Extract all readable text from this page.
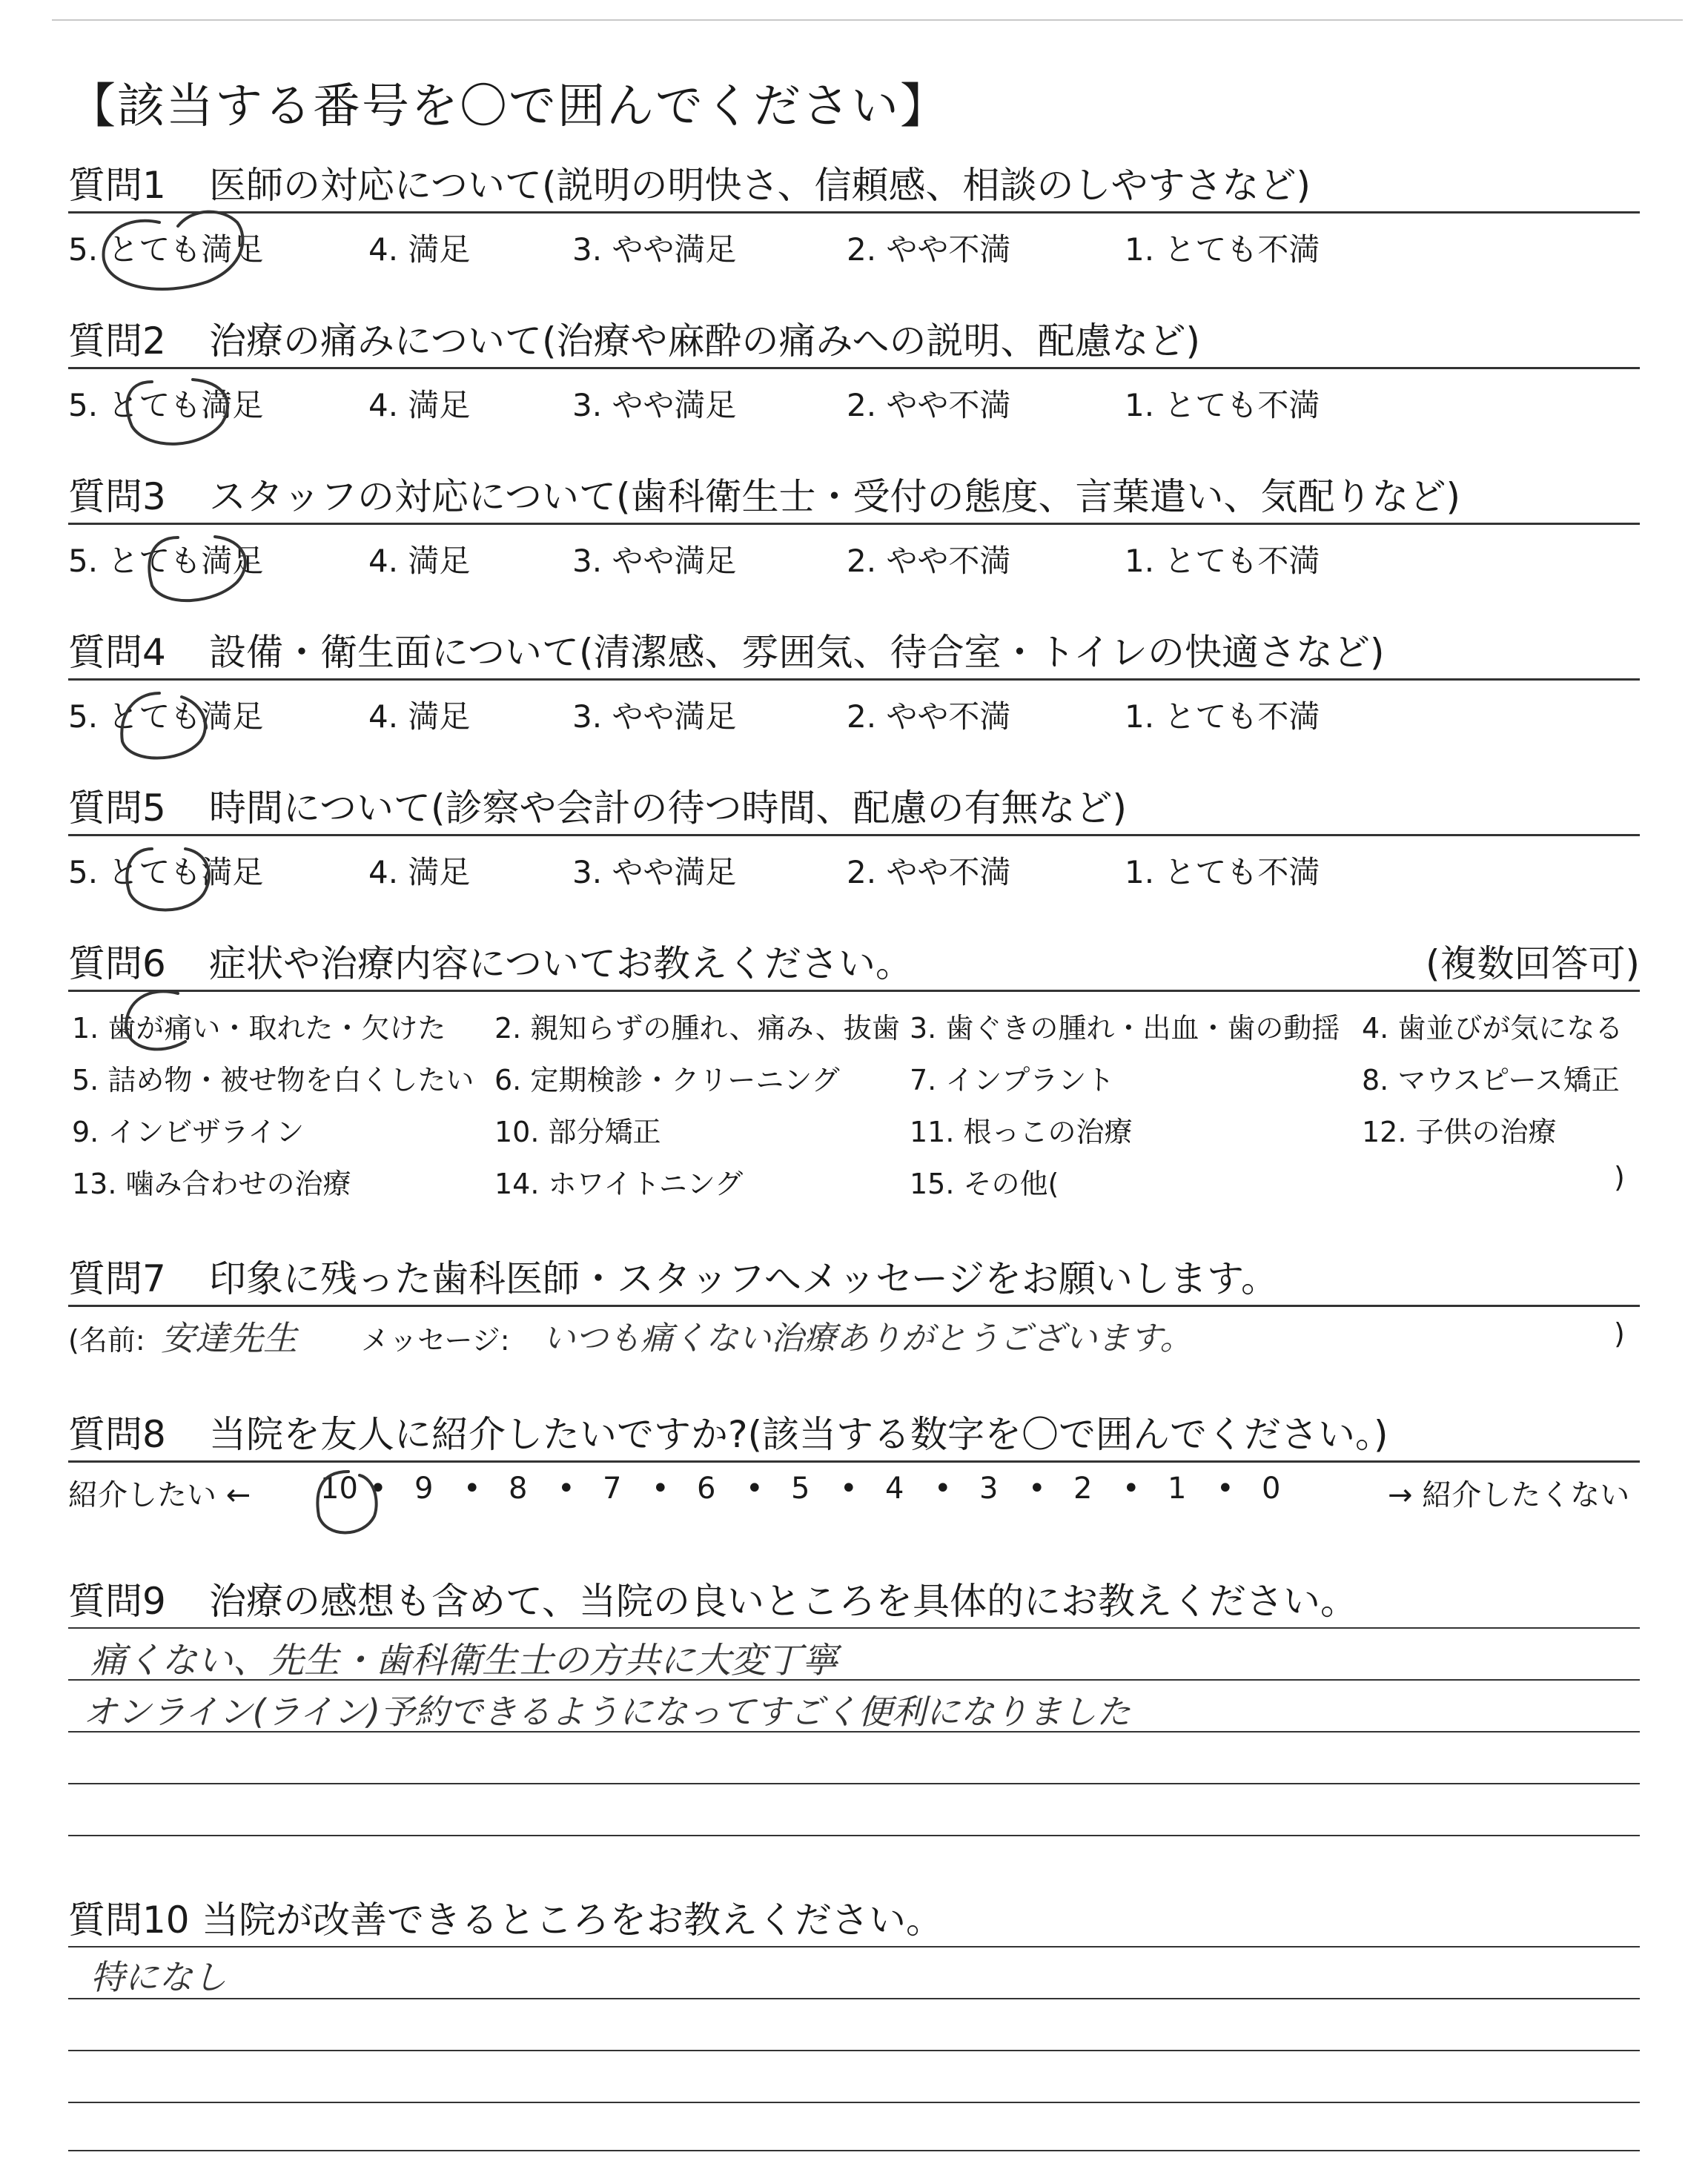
【該当する番号を〇で囲んでください】
質問1 医師の対応について(説明の明快さ、信頼感、相談のしやすさなど)
5. とても満足	4. 満足	3. やや満足	2. やや不満	1. とても不満
質問2 治療の痛みについて(治療や麻酔の痛みへの説明、配慮など)
5. とても満足	4. 満足	3. やや満足	2. やや不満	1. とても不満
質問3 スタッフの対応について(歯科衛生士・受付の態度、言葉遣い、気配りなど)
5. とても満足	4. 満足	3. やや満足	2. やや不満	1. とても不満
質問4 設備・衛生面について(清潔感、雰囲気、待合室・トイレの快適さなど)
5. とても満足	4. 満足	3. やや満足	2. やや不満	1. とても不満
質問5 時間について(診察や会計の待つ時間、配慮の有無など)
5. とても満足	4. 満足	3. やや満足	2. やや不満	1. とても不満
質問6 症状や治療内容についてお教えください。	(複数回答可)
1. 歯が痛い・取れた・欠けた 2. 親知らずの腫れ、痛み、抜歯 3. 歯ぐきの腫れ・出血・歯の動揺 4. 歯並びが気になる
5. 詰め物・被せ物を白くしたい 6. 定期検診・クリーニング 7. インプラント	8. マウスピース矯正
9. インビザライン	10. 部分矯正	11. 根っこの治療	12. 子供の治療
13. 噛み合わせの治療	14. ホワイトニング	15. その他(	)
質問7 印象に残った歯科医師・スタッフへメッセージをお願いします。
(名前: 安達先生 メッセージ: いつも痛くない治療ありがとうございます。	)
質問8 当院を友人に紹介したいですか?(該当する数字を〇で囲んでください。)
紹介したい ←	→ 紹介したくない
10 • 9 • 8 • 7 • 6 • 5 • 4 • 3 • 2 • 1 • 0
質問9 治療の感想も含めて、当院の良いところを具体的にお教えください。
痛くない、先生・歯科衛生士の方共に大変丁寧
オンライン(ライン)予約できるようになってすごく便利になりました
質問10 当院が改善できるところをお教えください。
特になし
